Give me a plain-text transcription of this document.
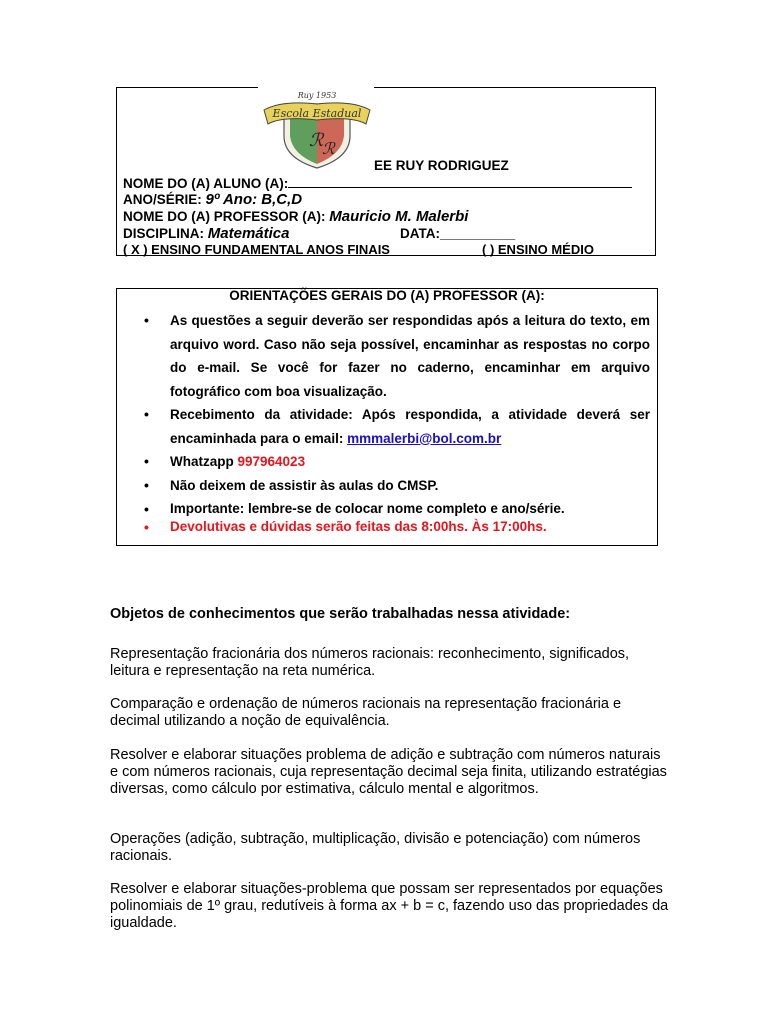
ℛ
ℛ
Escola Estadual
Ruy 1953
EE RUY RODRIGUEZ
NOME DO (A) ALUNO (A):
ANO/SÉRIE: 9º Ano: B,C,D
NOME DO (A) PROFESSOR (A): Mauricio M. Malerbi
DISCIPLINA: Matemática	DATA:__________
( X ) ENSINO FUNDAMENTAL ANOS FINAIS	( ) ENSINO MÉDIO
ORIENTAÇÕES GERAIS DO (A) PROFESSOR (A):
• As questões a seguir deverão ser respondidas após a leitura do texto, em arquivo word. Caso não seja possível, encaminhar as respostas no corpo do e-mail. Se você for fazer no caderno, encaminhar em arquivo fotográfico com boa visualização.
• Recebimento da atividade: Após respondida, a atividade deverá ser encaminhada para o email: mmmalerbi@bol.com.br
• Whatzapp 997964023
• Não deixem de assistir às aulas do CMSP.
• Importante: lembre-se de colocar nome completo e ano/série.
• Devolutivas e dúvidas serão feitas das 8:00hs. Às 17:00hs.
Objetos de conhecimentos que serão trabalhadas nessa atividade:

Representação fracionária dos números racionais: reconhecimento, significados, leitura e representação na reta numérica.

Comparação e ordenação de números racionais na representação fracionária e decimal utilizando a noção de equivalência.

Resolver e elaborar situações problema de adição e subtração com números naturais e com números racionais, cuja representação decimal seja finita, utilizando estratégias diversas, como cálculo por estimativa, cálculo mental e algoritmos.

Operações (adição, subtração, multiplicação, divisão e potenciação) com números racionais.

Resolver e elaborar situações-problema que possam ser representados por equações polinomiais de 1º grau, redutíveis à forma ax + b = c, fazendo uso das propriedades da igualdade.
